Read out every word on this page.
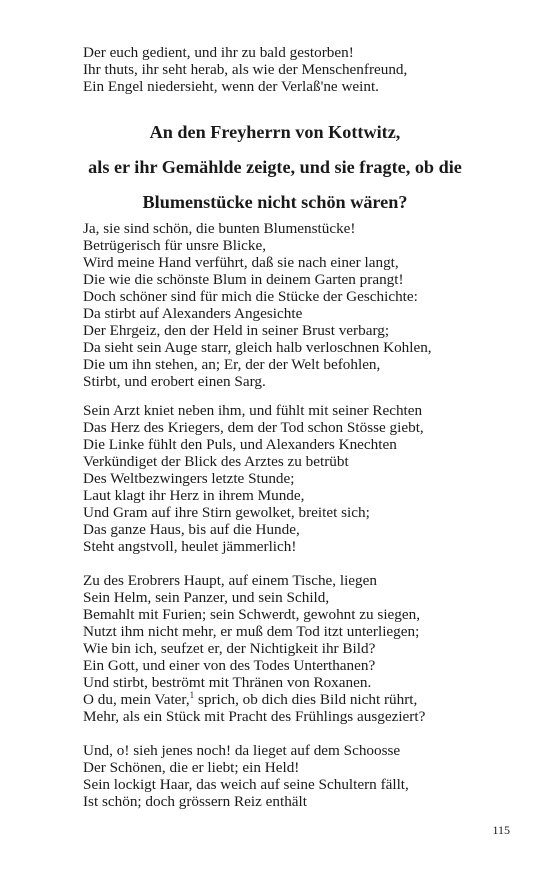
Der euch gedient, und ihr zu bald gestorben!
Ihr thuts, ihr seht herab, als wie der Menschenfreund,
Ein Engel niedersieht, wenn der Verlaß'ne weint.
An den Freyherrn von Kottwitz,
als er ihr Gemählde zeigte, und sie fragte, ob die
Blumenstücke nicht schön wären?
Ja, sie sind schön, die bunten Blumenstücke!
Betrügerisch für unsre Blicke,
Wird meine Hand verführt, daß sie nach einer langt,
Die wie die schönste Blum in deinem Garten prangt!
Doch schöner sind für mich die Stücke der Geschichte:
Da stirbt auf Alexanders Angesichte
Der Ehrgeiz, den der Held in seiner Brust verbarg;
Da sieht sein Auge starr, gleich halb verloschnen Kohlen,
Die um ihn stehen, an; Er, der der Welt befohlen,
Stirbt, und erobert einen Sarg.
Sein Arzt kniet neben ihm, und fühlt mit seiner Rechten
Das Herz des Kriegers, dem der Tod schon Stösse giebt,
Die Linke fühlt den Puls, und Alexanders Knechten
Verkündiget der Blick des Arztes zu betrübt
Des Weltbezwingers letzte Stunde;
Laut klagt ihr Herz in ihrem Munde,
Und Gram auf ihre Stirn gewolket, breitet sich;
Das ganze Haus, bis auf die Hunde,
Steht angstvoll, heulet jämmerlich!
Zu des Erobrers Haupt, auf einem Tische, liegen
Sein Helm, sein Panzer, und sein Schild,
Bemahlt mit Furien; sein Schwerdt, gewohnt zu siegen,
Nutzt ihm nicht mehr, er muß dem Tod itzt unterliegen;
Wie bin ich, seufzet er, der Nichtigkeit ihr Bild?
Ein Gott, und einer von des Todes Unterthanen?
Und stirbt, beströmt mit Thränen von Roxanen.
O du, mein Vater,$^1$ sprich, ob dich dies Bild nicht rührt,
Mehr, als ein Stück mit Pracht des Frühlings ausgeziert?
Und, o! sieh jenes noch! da lieget auf dem Schoosse
Der Schönen, die er liebt; ein Held!
Sein lockigt Haar, das weich auf seine Schultern fällt,
Ist schön; doch grössern Reiz enthält
115
